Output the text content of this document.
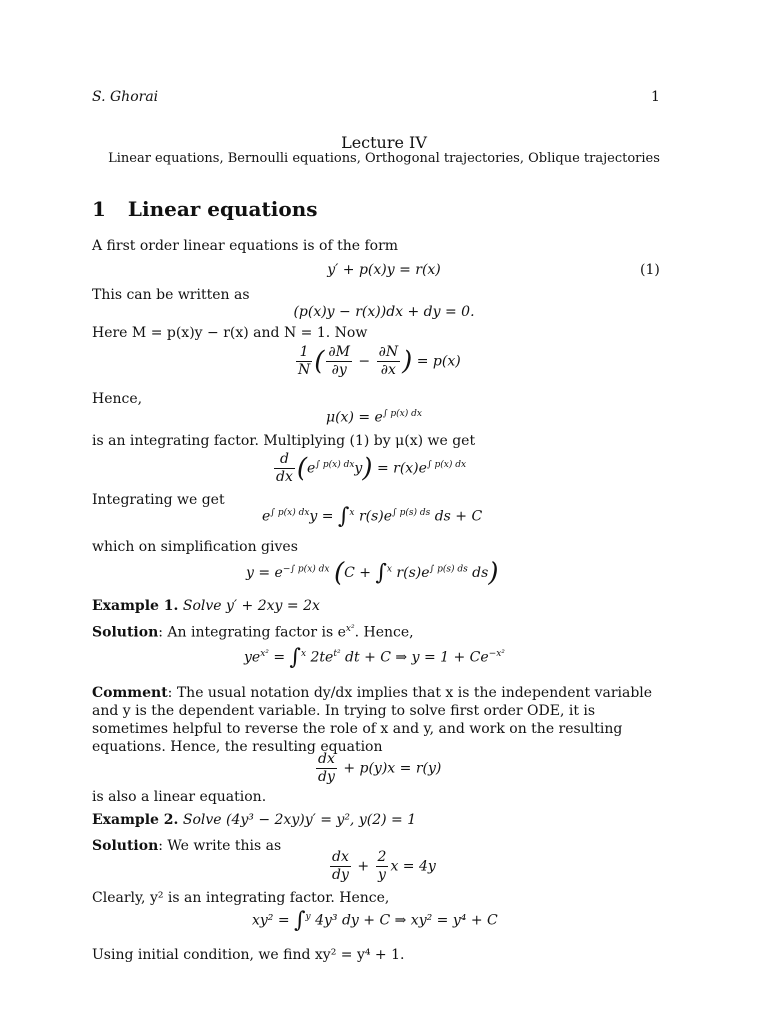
S. Ghorai	1
Lecture IV
Linear equations, Bernoulli equations, Orthogonal trajectories, Oblique trajectories
1 Linear equations
A first order linear equations is of the form
y′ + p(x)y = r(x)	(1)
This can be written as
(p(x)y − r(x))dx + dy = 0.
Here M = p(x)y − r(x) and N = 1. Now
$\frac{1}{N}$ ( $\frac{\partial M}{\partial y} - \frac{\partial N}{\partial x}$ ) = p(x)
Hence,
$\mu(x) = e^{\int p(x) dx}$
is an integrating factor. Multiplying (1) by μ(x) we get
$\frac{d}{dx} (e^{\int p(x) dx}y) = r(x)e^{\int p(x) dx}$
Integrating we get
$e^{\int p(x) dx}y = \int^x$ $r(s)e^{\int p(s) ds}$ ds + C
which on simplification gives
$y = e^{-\int p(x) dx}$ (C + ∫$^x$ $r(s)e^{\int p(s) ds}$ ds)
Example 1. Solve y′ + 2xy = 2x
Solution: An integrating factor is $e^{x^2}$. Hence,
$ye^{x^2} = \int^x$ $2te^{t^2}$ dt + C ⇒ $y = 1 + Ce^{-x^2}$
Comment: The usual notation dy/dx implies that x is the independent variable and y is the dependent variable. In trying to solve first order ODE, it is sometimes helpful to reverse the role of x and y, and work on the resulting equations. Hence, the resulting equation
$\frac{dx}{dy} + p(y)x = r(y)$
is also a linear equation.
Example 2. Solve (4y³ − 2xy)y′ = y², y(2) = 1
Solution: We write this as
$\frac{dx}{dy} + \frac{2}{y}$ x = 4y
Clearly, y² is an integrating factor. Hence,
xy² = ∫$^y$ 4y³ dy + C ⇒ xy² = y⁴ + C
Using initial condition, we find xy² = y⁴ + 1.
